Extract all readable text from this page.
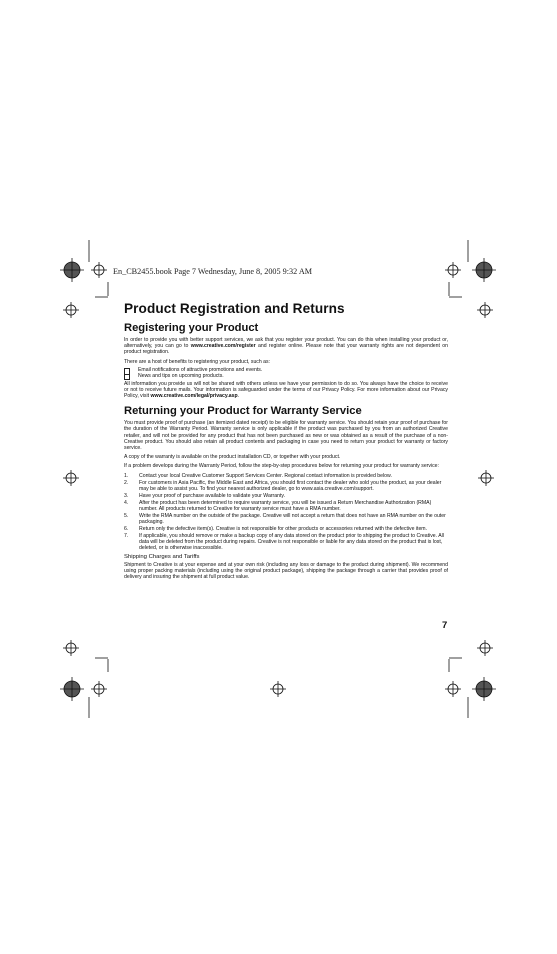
En_CB2455.book Page 7 Wednesday, June 8, 2005 9:32 AM
Product Registration and Returns
Registering your Product

In order to provide you with better support services, we ask that you register your product. You can do this when installing your product or, alternatively, you can go to www.creative.com/register and register online. Please note that your warranty rights are not dependent on product registration.

There are a host of benefits to registering your product, such as:

Email notifications of attractive promotions and events.
News and tips on upcoming products.

All information you provide us will not be shared with others unless we have your permission to do so. You always have the choice to receive or not to receive future mails. Your information is safeguarded under the terms of our Privacy Policy. For more information about our Privacy Policy, visit www.creative.com/legal/privacy.asp.

Returning your Product for Warranty Service

You must provide proof of purchase (an itemized dated receipt) to be eligible for warranty service. You should retain your proof of purchase for the duration of the Warranty Period. Warranty service is only applicable if the product was purchased by you from an authorized Creative retailer, and will not be provided for any product that has not been purchased as new or was obtained as a result of the purchase of a non-Creative product. You should also retain all product contents and packaging in case you need to return your product for warranty or factory service.

A copy of the warranty is available on the product installation CD, or together with your product.

If a problem develops during the Warranty Period, follow the step-by-step procedures below for returning your product for warranty service:

1. Contact your local Creative Customer Support Services Center. Regional contact information is provided below.
2. For customers in Asia Pacific, the Middle East and Africa, you should first contact the dealer who sold you the product, as your dealer may be able to assist you. To find your nearest authorized dealer, go to www.asia.creative.com/support.
3. Have your proof of purchase available to validate your Warranty.
4. After the product has been determined to require warranty service, you will be issued a Return Merchandise Authorization (RMA) number. All products returned to Creative for warranty service must have a RMA number.
5. Write the RMA number on the outside of the package. Creative will not accept a return that does not have an RMA number on the outer packaging.
6. Return only the defective item(s). Creative is not responsible for other products or accessories returned with the defective item.
7. If applicable, you should remove or make a backup copy of any data stored on the product prior to shipping the product to Creative. All data will be deleted from the product during repairs. Creative is not responsible or liable for any data stored on the product that is lost, deleted, or is otherwise inaccessible.
Shipping Charges and Tariffs

Shipment to Creative is at your expense and at your own risk (including any loss or damage to the product during shipment). We recommend using proper packing materials (including using the original product package), shipping the package through a carrier that provides proof of delivery and insuring the shipment at full product value.

7
